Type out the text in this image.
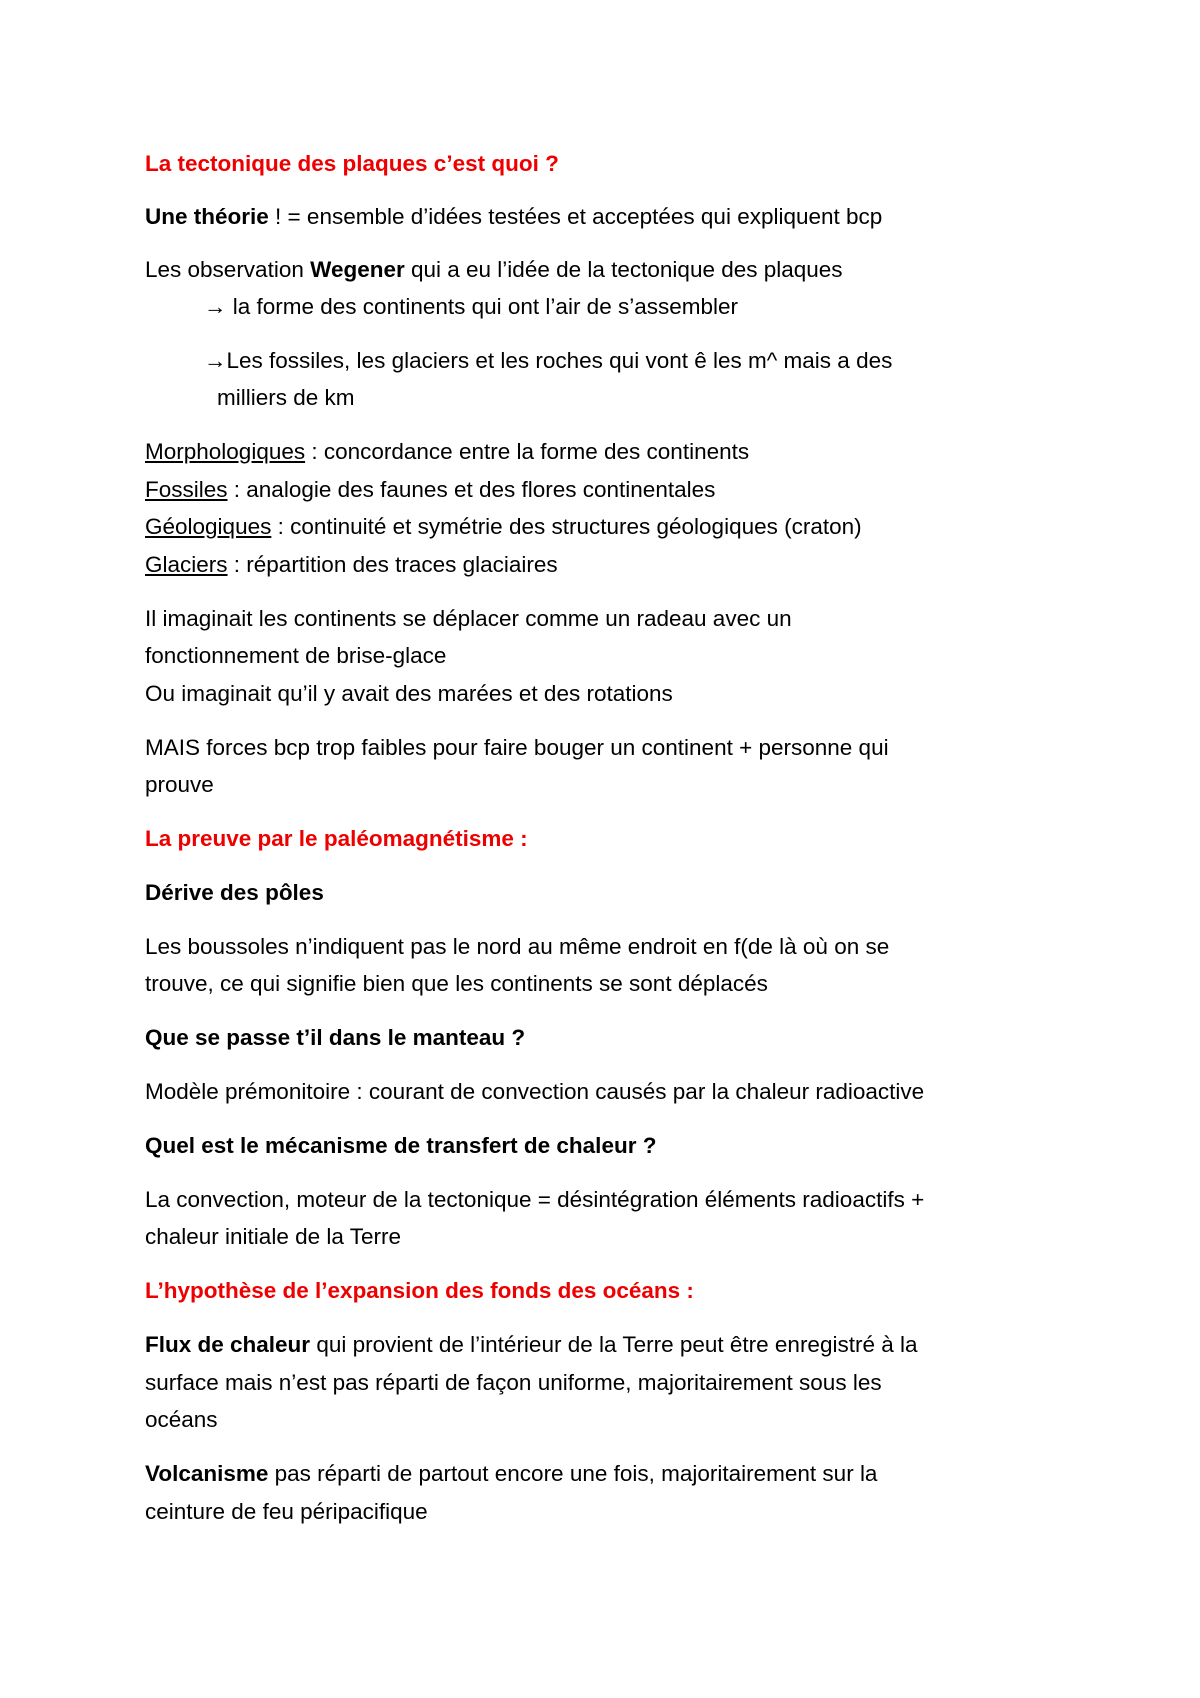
La tectonique des plaques c’est quoi ?

Une théorie ! = ensemble d’idées testées et acceptées qui expliquent bcp

Les observation Wegener qui a eu l’idée de la tectonique des plaques

→ la forme des continents qui ont l’air de s’assembler

→Les fossiles, les glaciers et les roches qui vont ê les m^ mais a des

milliers de km

Morphologiques : concordance entre la forme des continents

Fossiles : analogie des faunes et des flores continentales

Géologiques : continuité et symétrie des structures géologiques (craton)

Glaciers : répartition des traces glaciaires

Il imaginait les continents se déplacer comme un radeau avec un

fonctionnement de brise-glace

Ou imaginait qu’il y avait des marées et des rotations

MAIS forces bcp trop faibles pour faire bouger un continent + personne qui

prouve

La preuve par le paléomagnétisme :

Dérive des pôles

Les boussoles n’indiquent pas le nord au même endroit en f(de là où on se

trouve, ce qui signifie bien que les continents se sont déplacés

Que se passe t’il dans le manteau ?

Modèle prémonitoire : courant de convection causés par la chaleur radioactive

Quel est le mécanisme de transfert de chaleur ?

La convection, moteur de la tectonique = désintégration éléments radioactifs +

chaleur initiale de la Terre

L’hypothèse de l’expansion des fonds des océans :

Flux de chaleur qui provient de l’intérieur de la Terre peut être enregistré à la

surface mais n’est pas réparti de façon uniforme, majoritairement sous les

océans

Volcanisme pas réparti de partout encore une fois, majoritairement sur la

ceinture de feu péripacifique
